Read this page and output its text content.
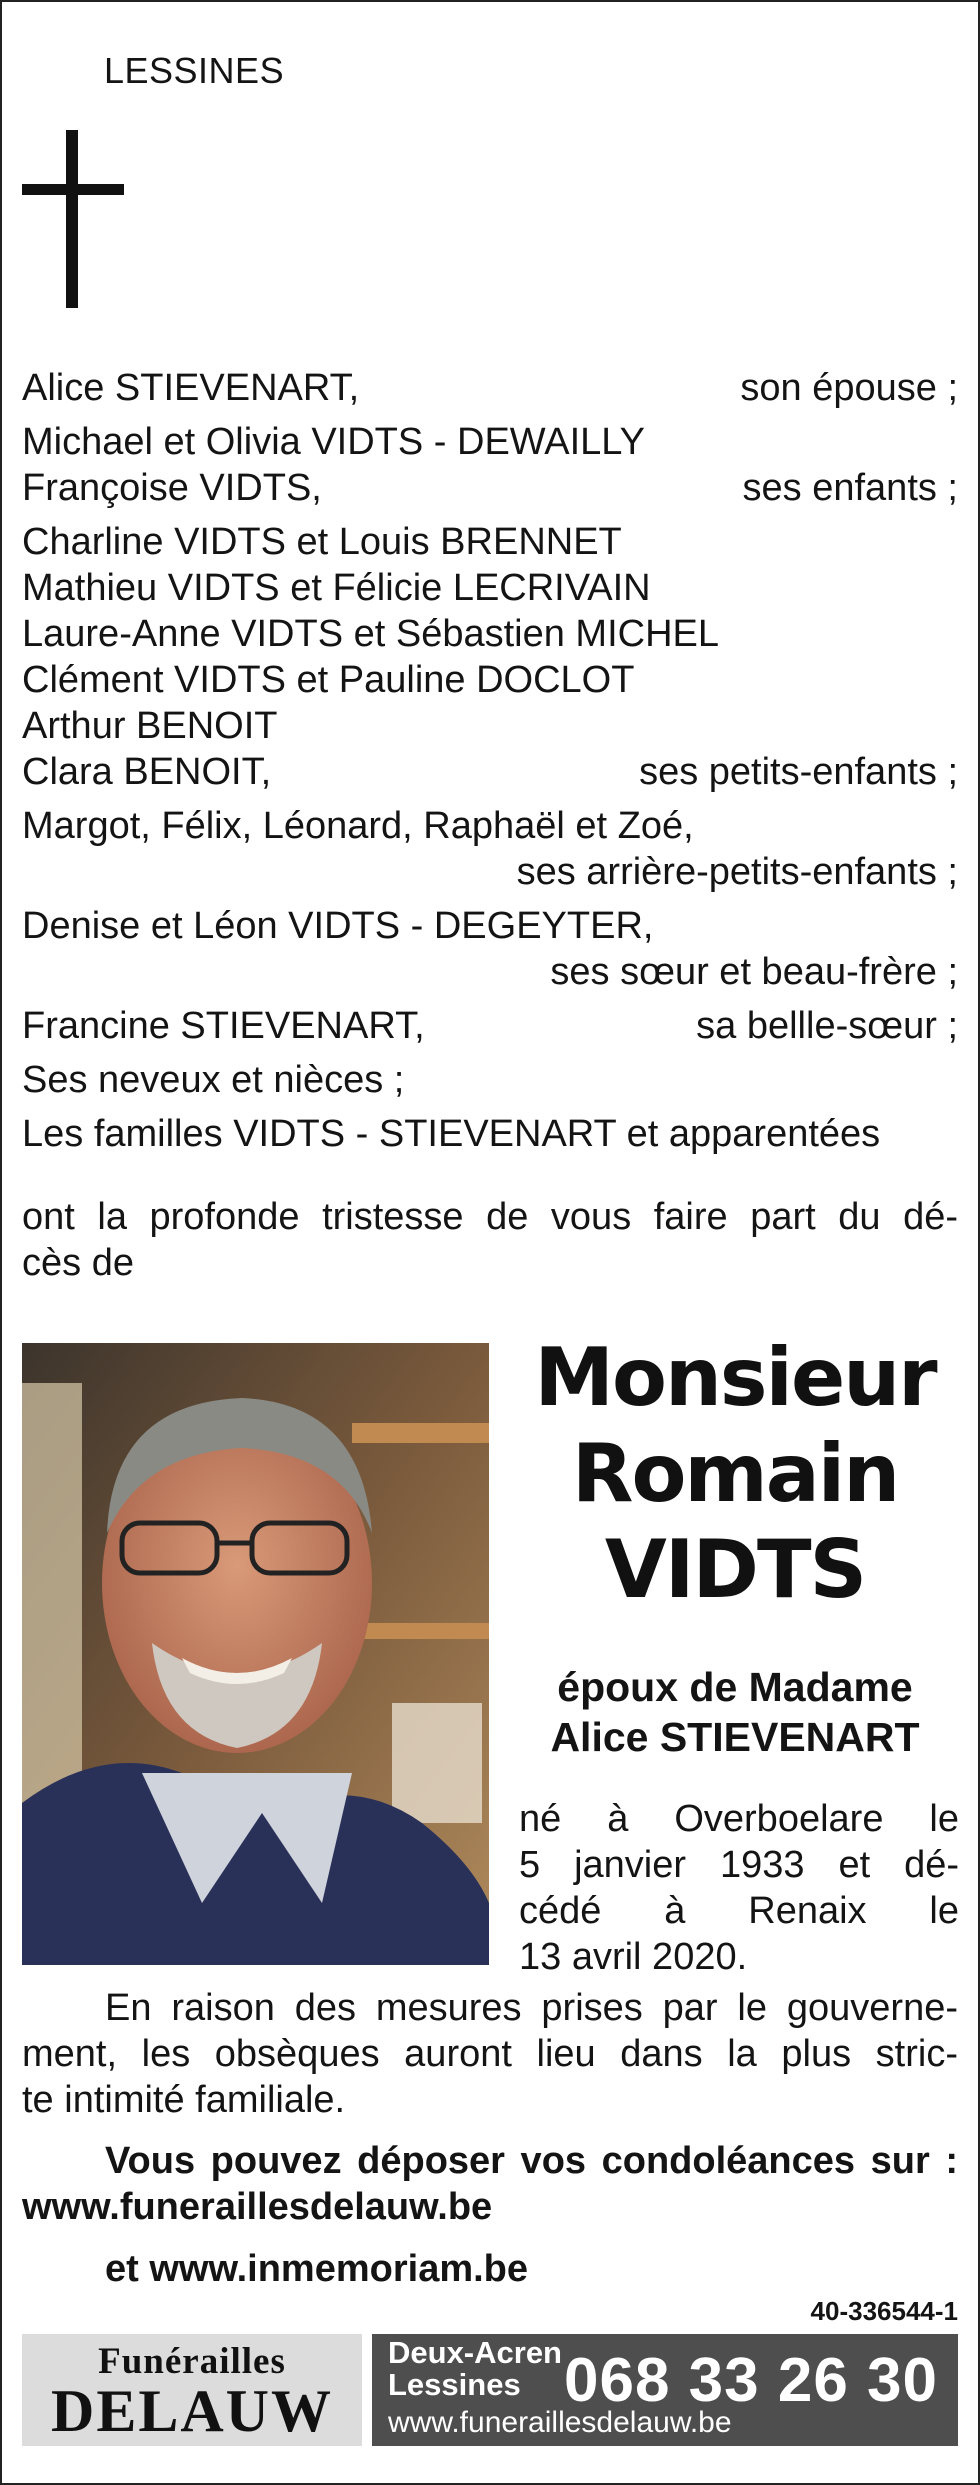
LESSINES
Alice STIEVENART,	son épouse ;
Michael et Olivia VIDTS - DEWAILLY
Françoise VIDTS,	ses enfants ;
Charline VIDTS et Louis BRENNET
Mathieu VIDTS et Félicie LECRIVAIN
Laure-Anne VIDTS et Sébastien MICHEL
Clément VIDTS et Pauline DOCLOT
Arthur BENOIT
Clara BENOIT,	ses petits-enfants ;
Margot, Félix, Léonard, Raphaël et Zoé,
ses arrière-petits-enfants ;
Denise et Léon VIDTS - DEGEYTER,
ses sœur et beau-frère ;
Francine STIEVENART,	sa bellle-sœur ;
Ses neveux et nièces ;
Les familles VIDTS - STIEVENART et apparentées
ont la profonde tristesse de vous faire part du dé-
cès de
Monsieur
Romain
VIDTS
époux de Madame
Alice STIEVENART
né à Overboelare le
5 janvier 1933 et dé-
cédé à Renaix le
13 avril 2020.
En raison des mesures prises par le gouverne-
ment, les obsèques auront lieu dans la plus stric-
te intimité familiale.
Vous pouvez déposer vos condoléances sur :
www.funeraillesdelauw.be
et www.inmemoriam.be
40-336544-1
Funérailles
DELAUW
Deux-Acren
Lessines
www.funeraillesdelauw.be
068 33 26 30
